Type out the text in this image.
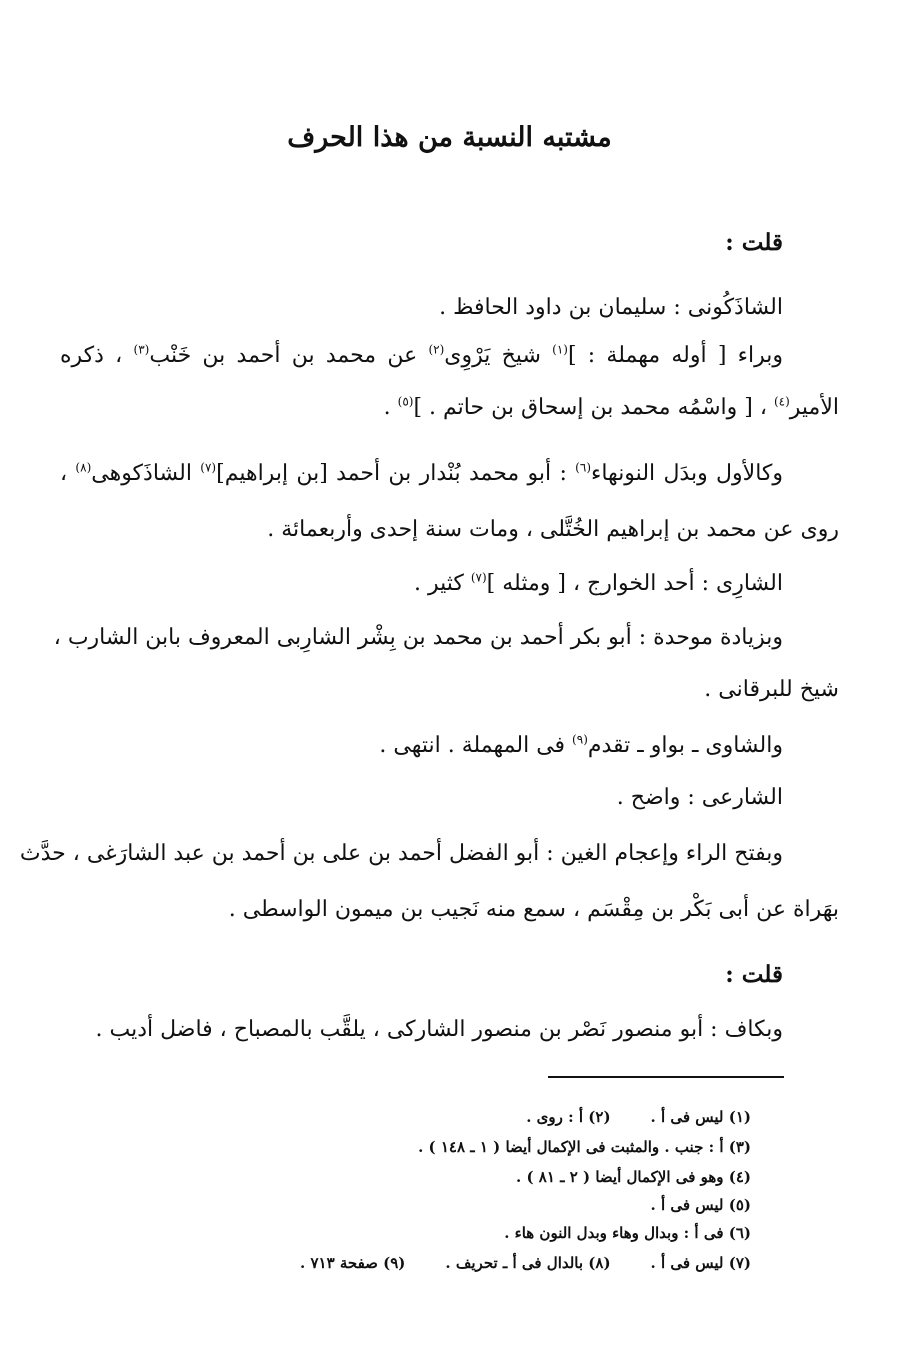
مشتبه النسبة من هذا الحرف
قلت :
الشاذَكُونى : سليمان بن داود الحافظ .
وبراء [ أوله مهملة : ]$^{(١)}$ شيخ يَرْوِى$^{(٢)}$ عن محمد بن أحمد بن خَنْب$^{(٣)}$ ، ذكره
الأمير$^{(٤)}$ ، [ واسْمُه محمد بن إسحاق بن حاتم . ]$^{(٥)}$ .
وكالأول وبدَل النونهاء$^{(٦)}$ : أبو محمد بُنْدار بن أحمد [بن إبراهيم]$^{(٧)}$ الشاذَكوهى$^{(٨)}$ ،
روى عن محمد بن إبراهيم الخُتَّلى ، ومات سنة إحدى وأربعمائة .
الشارِى : أحد الخوارج ، [ ومثله ]$^{(٧)}$ كثير .
وبزيادة موحدة : أبو بكر أحمد بن محمد بن بِشْر الشارِبى المعروف بابن الشارب ،
شيخ للبرقانى .
والشاوى ـ بواو ـ تقدم$^{(٩)}$ فى المهملة . انتهى .
الشارعى : واضح .
وبفتح الراء وإعجام الغين : أبو الفضل أحمد بن على بن أحمد بن عبد الشارَغى ، حدَّث
بهَراة عن أبى بَكْر بن مِقْسَم ، سمع منه نَجيب بن ميمون الواسطى .
قلت :
وبكاف : أبو منصور نَصْر بن منصور الشاركى ، يلقَّب بالمصباح ، فاضل أديب .
(١) ليس فى أ .(٢) أ : روى .
(٣) أ : جنب . والمثبت فى الإكمال أيضا ( ١ ـ ١٤٨ ) .
(٤) وهو فى الإكمال أيضا ( ٢ ـ ٨١ ) .
(٥) ليس فى أ .
(٦) فى أ : وبدال وهاء وبدل النون هاء .
(٧) ليس فى أ .(٨) بالدال فى أ ـ تحريف .(٩) صفحة ٧١٣ .
